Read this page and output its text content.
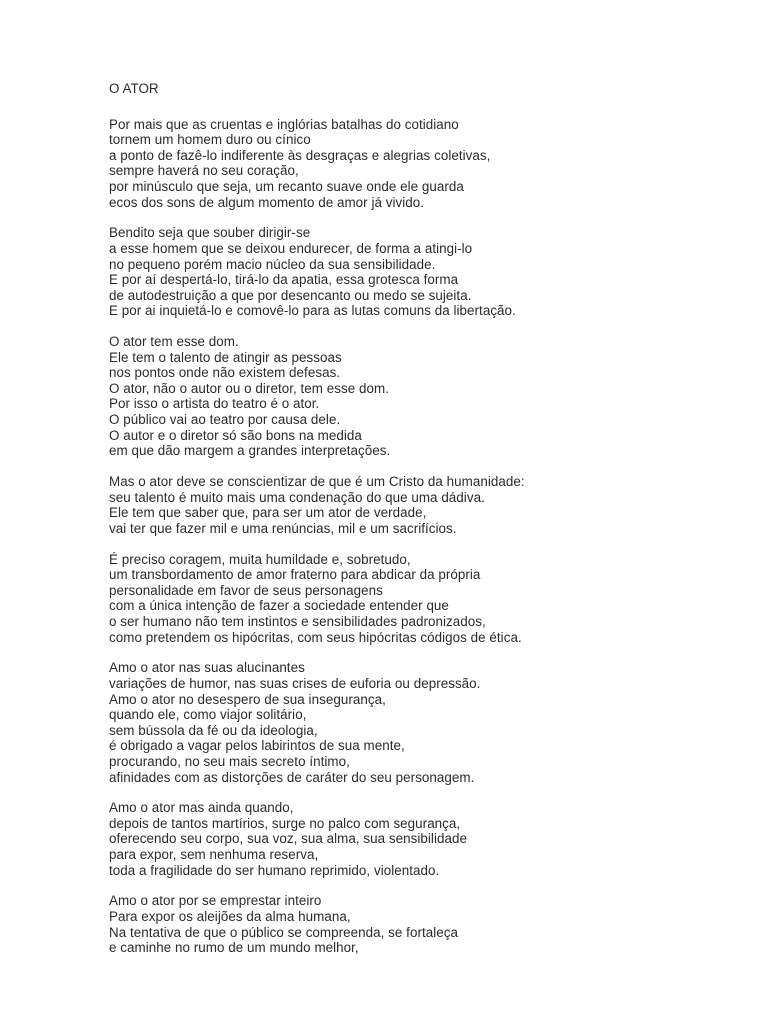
O ATOR
Por mais que as cruentas e inglórias batalhas do cotidiano
tornem um homem duro ou cínico
a ponto de fazê-lo indiferente às desgraças e alegrias coletivas,
sempre haverá no seu coração,
por minúsculo que seja, um recanto suave onde ele guarda
ecos dos sons de algum momento de amor já vivido.
Bendito seja que souber dirigir-se
a esse homem que se deixou endurecer, de forma a atingi-lo
no pequeno porém macio núcleo da sua sensibilidade.
E por aí despertá-lo, tirá-lo da apatia, essa grotesca forma
de autodestruição a que por desencanto ou medo se sujeita.
E por ai inquietá-lo e comovê-lo para as lutas comuns da libertação.
O ator tem esse dom.
Ele tem o talento de atingir as pessoas
nos pontos onde não existem defesas.
O ator, não o autor ou o diretor, tem esse dom.
Por isso o artista do teatro é o ator.
O público vai ao teatro por causa dele.
O autor e o diretor só são bons na medida
em que dão margem a grandes interpretações.
Mas o ator deve se conscientizar de que é um Cristo da humanidade:
seu talento é muito mais uma condenação do que uma dádiva.
Ele tem que saber que, para ser um ator de verdade,
vai ter que fazer mil e uma renúncias, mil e um sacrifícios.
É preciso coragem, muita humildade e, sobretudo,
um transbordamento de amor fraterno para abdicar da própria
personalidade em favor de seus personagens
com a única intenção de fazer a sociedade entender que
o ser humano não tem instintos e sensibilidades padronizados,
como pretendem os hipócritas, com seus hipócritas códigos de ética.
Amo o ator nas suas alucinantes
variações de humor, nas suas crises de euforia ou depressão.
Amo o ator no desespero de sua insegurança,
quando ele, como viajor solitário,
sem bússola da fé ou da ideologia,
é obrigado a vagar pelos labirintos de sua mente,
procurando, no seu mais secreto íntimo,
afinidades com as distorções de caráter do seu personagem.
Amo o ator mas ainda quando,
depois de tantos martírios, surge no palco com segurança,
oferecendo seu corpo, sua voz, sua alma, sua sensibilidade
para expor, sem nenhuma reserva,
toda a fragilidade do ser humano reprimido, violentado.
Amo o ator por se emprestar inteiro
Para expor os aleijões da alma humana,
Na tentativa de que o público se compreenda, se fortaleça
e caminhe no rumo de um mundo melhor,
